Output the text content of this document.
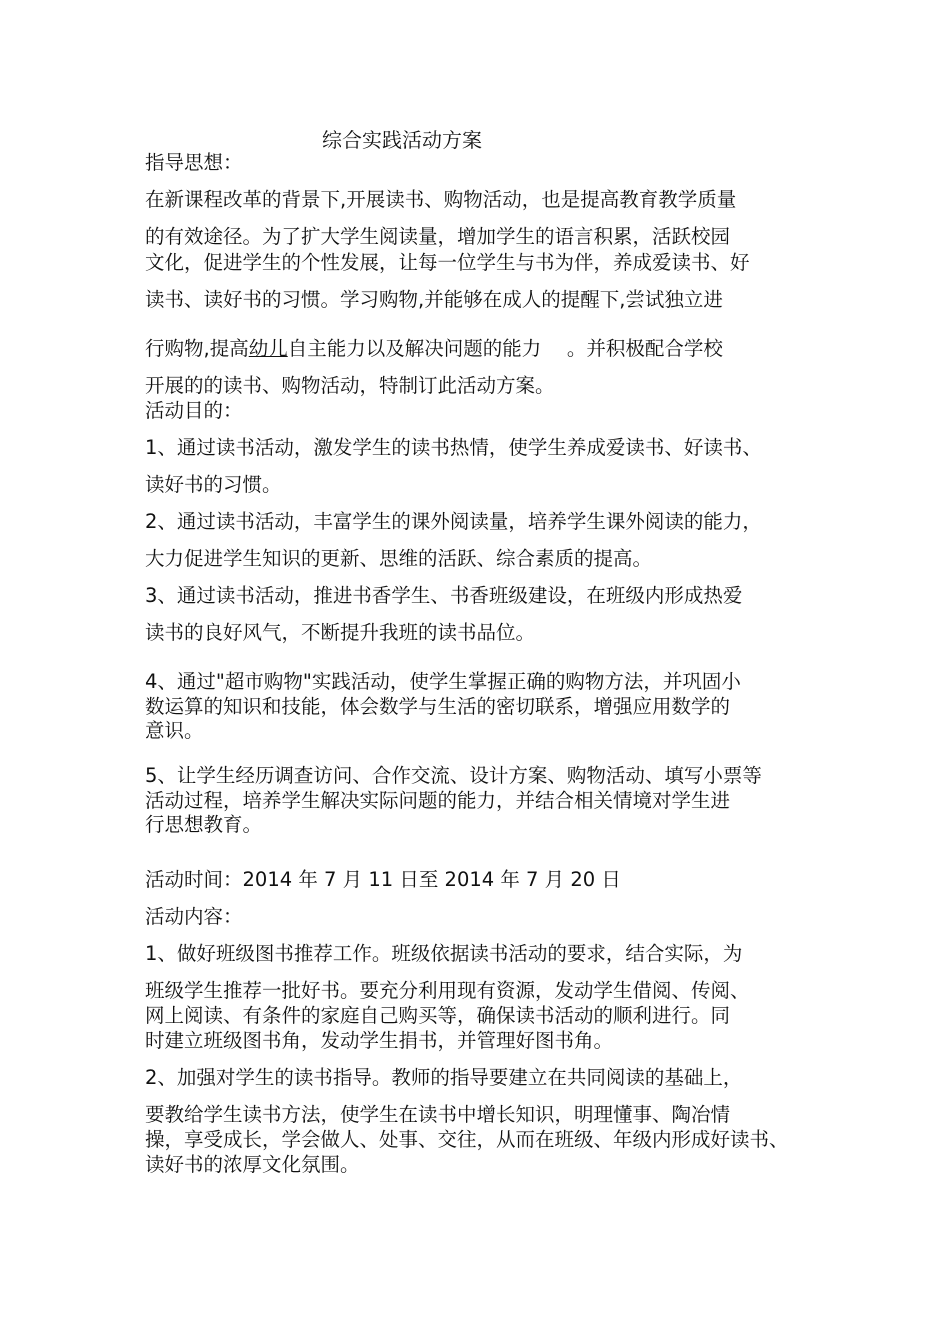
综合实践活动方案
指导思想：
在新课程改革的背景下,开展读书、购物活动，也是提高教育教学质量
的有效途径。为了扩大学生阅读量，增加学生的语言积累，活跃校园
文化，促进学生的个性发展，让每一位学生与书为伴，养成爱读书、好
读书、读好书的习惯。学习购物,并能够在成人的提醒下,尝试独立进
行购物,提高幼儿自主能力以及解决问题的能力　 。并积极配合学校
开展的的读书、购物活动，特制订此活动方案。
活动目的：
1、通过读书活动，激发学生的读书热情，使学生养成爱读书、好读书、
读好书的习惯。
2、通过读书活动，丰富学生的课外阅读量，培养学生课外阅读的能力，
大力促进学生知识的更新、思维的活跃、综合素质的提高。
3、通过读书活动，推进书香学生、书香班级建设，在班级内形成热爱
读书的良好风气，不断提升我班的读书品位。
4、通过"超市购物"实践活动，使学生掌握正确的购物方法，并巩固小
数运算的知识和技能，体会数学与生活的密切联系，增强应用数学的
意识。
5、让学生经历调查访问、合作交流、设计方案、购物活动、填写小票等
活动过程，培养学生解决实际问题的能力，并结合相关情境对学生进
行思想教育。
活动时间：2014 年 7 月 11 日至 2014 年 7 月 20 日
活动内容：
1、做好班级图书推荐工作。班级依据读书活动的要求，结合实际，为
班级学生推荐一批好书。要充分利用现有资源，发动学生借阅、传阅、
网上阅读、有条件的家庭自己购买等，确保读书活动的顺利进行。同
时建立班级图书角，发动学生捐书，并管理好图书角。
2、加强对学生的读书指导。教师的指导要建立在共同阅读的基础上，
要教给学生读书方法，使学生在读书中增长知识，明理懂事、陶冶情
操，享受成长，学会做人、处事、交往，从而在班级、年级内形成好读书、
读好书的浓厚文化氛围。
